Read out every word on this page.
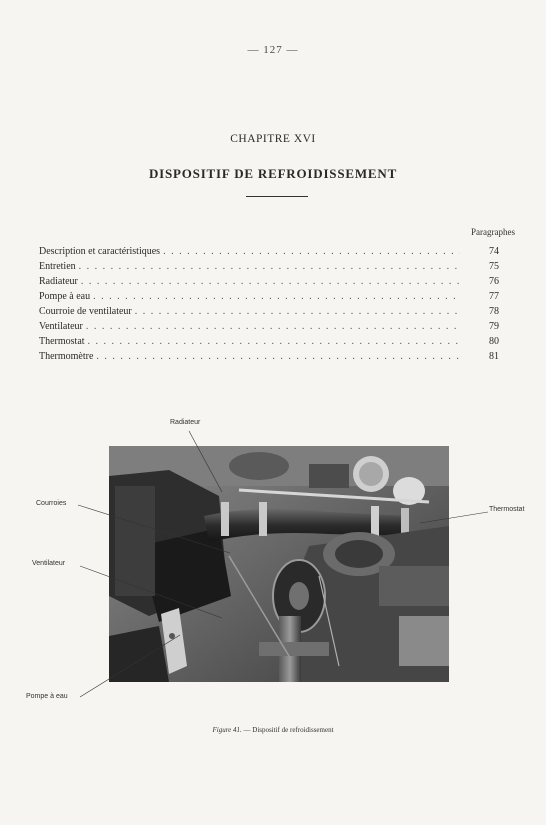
— 127 —
CHAPITRE XVI
DISPOSITIF DE REFROIDISSEMENT
Paragraphes
Description et caractéristiques . . .	74
Entretien . . .	75
Radiateur . . .	76
Pompe à eau . . .	77
Courroie de ventilateur . . .	78
Ventilateur . . .	79
Thermostat . . .	80
Thermomètre . . .	81
Radiateur
Courroies
Ventilateur
Thermostat
Pompe à eau
Figure 41. — Dispositif de refroidissement
